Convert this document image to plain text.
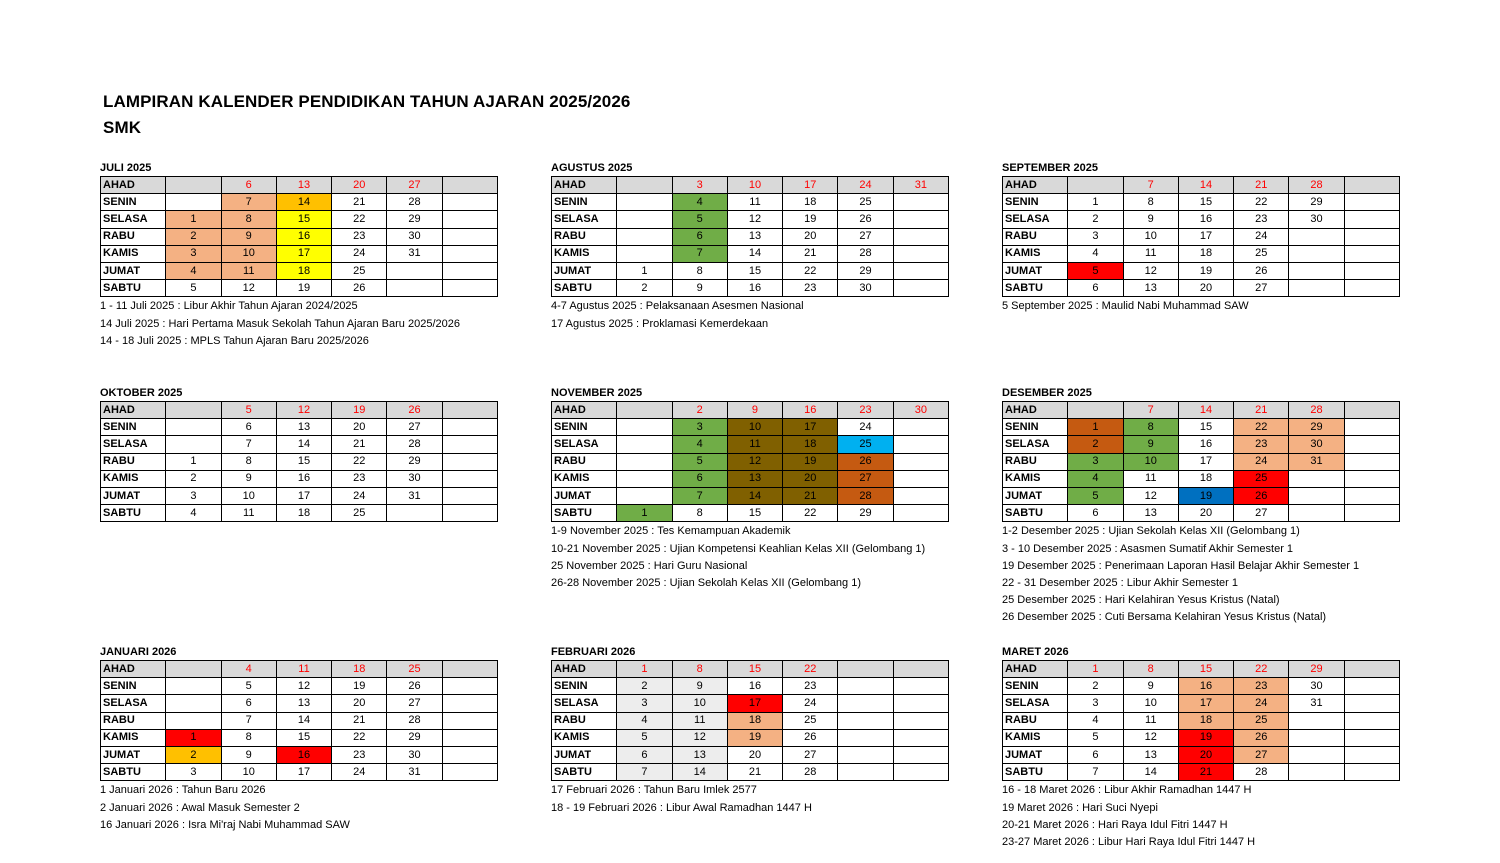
LAMPIRAN KALENDER PENDIDIKAN TAHUN AJARAN 2025/2026
SMK
JULI 2025
AHAD		6	13	20	27	
SENIN		7	14	21	28	
SELASA	1	8	15	22	29	
RABU	2	9	16	23	30	
KAMIS	3	10	17	24	31	
JUMAT	4	11	18	25		
SABTU	5	12	19	26		
1 - 11 Juli 2025 : Libur Akhir Tahun Ajaran 2024/2025
14 Juli 2025 : Hari Pertama Masuk Sekolah Tahun Ajaran Baru 2025/2026
14 - 18 Juli 2025 : MPLS Tahun Ajaran Baru 2025/2026
AGUSTUS 2025
AHAD		3	10	17	24	31
SENIN		4	11	18	25	
SELASA		5	12	19	26	
RABU		6	13	20	27	
KAMIS		7	14	21	28	
JUMAT	1	8	15	22	29	
SABTU	2	9	16	23	30	
4-7 Agustus 2025 : Pelaksanaan Asesmen Nasional
17 Agustus 2025 : Proklamasi Kemerdekaan
SEPTEMBER 2025
AHAD		7	14	21	28	
SENIN	1	8	15	22	29	
SELASA	2	9	16	23	30	
RABU	3	10	17	24		
KAMIS	4	11	18	25		
JUMAT	5	12	19	26		
SABTU	6	13	20	27		
5 September 2025 : Maulid Nabi Muhammad SAW
OKTOBER 2025
AHAD		5	12	19	26	
SENIN		6	13	20	27	
SELASA		7	14	21	28	
RABU	1	8	15	22	29	
KAMIS	2	9	16	23	30	
JUMAT	3	10	17	24	31	
SABTU	4	11	18	25		
NOVEMBER 2025
AHAD		2	9	16	23	30
SENIN		3	10	17	24	
SELASA		4	11	18	25	
RABU		5	12	19	26	
KAMIS		6	13	20	27	
JUMAT		7	14	21	28	
SABTU	1	8	15	22	29	
1-9 November 2025 : Tes Kemampuan Akademik
10-21 November 2025 : Ujian Kompetensi Keahlian Kelas XII (Gelombang 1)
25 November 2025 : Hari Guru Nasional
26-28 November 2025 : Ujian Sekolah Kelas XII (Gelombang 1)
DESEMBER 2025
AHAD		7	14	21	28	
SENIN	1	8	15	22	29	
SELASA	2	9	16	23	30	
RABU	3	10	17	24	31	
KAMIS	4	11	18	25		
JUMAT	5	12	19	26		
SABTU	6	13	20	27		
1-2 Desember 2025 : Ujian Sekolah Kelas XII (Gelombang 1)
3 - 10 Desember 2025 : Asasmen Sumatif Akhir Semester 1
19 Desember 2025 : Penerimaan Laporan Hasil Belajar Akhir Semester 1
22 - 31 Desember 2025 : Libur Akhir Semester 1
25 Desember 2025 : Hari Kelahiran Yesus Kristus (Natal)
26 Desember 2025 : Cuti Bersama Kelahiran Yesus Kristus (Natal)
JANUARI 2026
AHAD		4	11	18	25	
SENIN		5	12	19	26	
SELASA		6	13	20	27	
RABU		7	14	21	28	
KAMIS	1	8	15	22	29	
JUMAT	2	9	16	23	30	
SABTU	3	10	17	24	31	
1 Januari 2026 : Tahun Baru 2026
2 Januari 2026 : Awal Masuk Semester 2
16 Januari 2026 : Isra Mi'raj Nabi Muhammad SAW
FEBRUARI 2026
AHAD	1	8	15	22		
SENIN	2	9	16	23		
SELASA	3	10	17	24		
RABU	4	11	18	25		
KAMIS	5	12	19	26		
JUMAT	6	13	20	27		
SABTU	7	14	21	28		
17 Februari 2026 : Tahun Baru Imlek 2577
18 - 19 Februari 2026 : Libur Awal Ramadhan 1447 H
MARET 2026
AHAD	1	8	15	22	29	
SENIN	2	9	16	23	30	
SELASA	3	10	17	24	31	
RABU	4	11	18	25		
KAMIS	5	12	19	26		
JUMAT	6	13	20	27		
SABTU	7	14	21	28		
16 - 18 Maret 2026 : Libur Akhir Ramadhan 1447 H
19 Maret 2026 : Hari Suci Nyepi
20-21 Maret 2026 : Hari Raya Idul Fitri 1447 H
23-27 Maret 2026 : Libur Hari Raya Idul Fitri 1447 H
